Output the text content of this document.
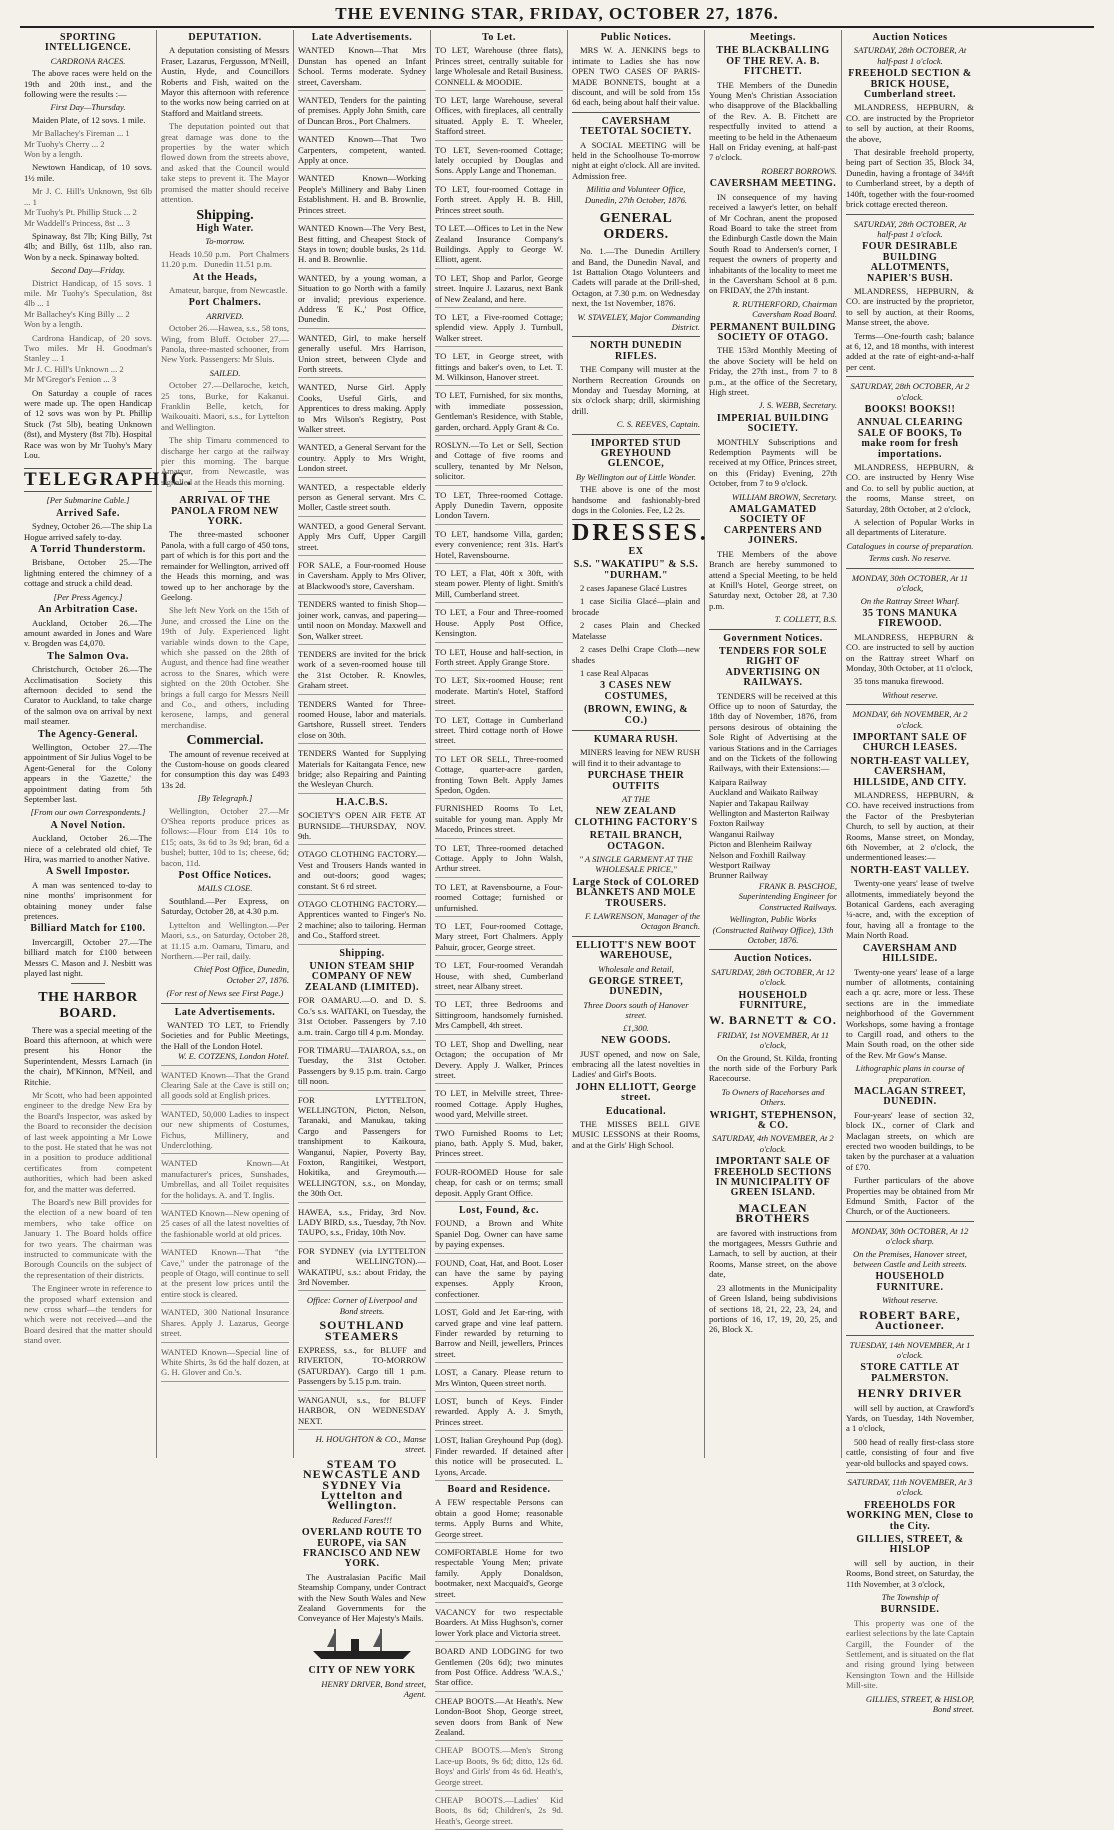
THE EVENING STAR, FRIDAY, OCTOBER 27, 1876.
SPORTING INTELLIGENCE.
CARDRONA RACES.

The above races were held on the 19th and 20th inst., and the following were the results :—

First Day—Thursday.

Maiden Plate, of 12 sovs. 1 mile.

Mr Ballachey's Fireman ... 1
Mr Tuohy's Cherry ... 2
Won by a length.

Newtown Handicap, of 10 sovs. 1½ mile.

Mr J. C. Hill's Unknown, 9st 6lb ... 1
Mr Tuohy's Pt. Phillip Stuck ... 2
Mr Waddell's Princess, 8st ... 3

Spinaway, 8st 7lb; King Billy, 7st 4lb; and Billy, 6st 11lb, also ran. Won by a neck. Spinaway bolted.

Second Day—Friday.

District Handicap, of 15 sovs. 1 mile. Mr Tuohy's Speculation, 8st 4lb ... 1
Mr Ballachey's King Billy ... 2
Won by a length.

Cardrona Handicap, of 20 sovs. Two miles. Mr H. Goodman's Stanley ... 1
Mr J. C. Hill's Unknown ... 2
Mr M'Gregor's Fenion ... 3

On Saturday a couple of races were made up. The open Handicap of 12 sovs was won by Pt. Phillip Stuck (7st 5lb), beating Unknown (8st), and Mystery (8st 7lb). Hospital Race was won by Mr Tuohy's Mary Lou.

TELEGRAPHIC.
[Per Submarine Cable.]
Arrived Safe.

Sydney, October 26.—The ship La Hogue arrived safely to-day.

A Torrid Thunderstorm.

Brisbane, October 25.—The lightning entered the chimney of a cottage and struck a child dead.

[Per Press Agency.]
An Arbitration Case.

Auckland, October 26.—The amount awarded in Jones and Ware v. Brogden was £4,070.

The Salmon Ova.

Christchurch, October 26.—The Acclimatisation Society this afternoon decided to send the Curator to Auckland, to take charge of the salmon ova on arrival by next mail steamer.

The Agency-General.

Wellington, October 27.—The appointment of Sir Julius Vogel to be Agent-General for the Colony appears in the 'Gazette,' the appointment dating from 5th September last.

[From our own Correspondents.]
A Novel Notion.

Auckland, October 26.—The niece of a celebrated old chief, Te Hira, was married to another Native.

A Swell Impostor.

A man was sentenced to-day to nine months' imprisonment for obtaining money under false pretences.

Billiard Match for £100.

Invercargill, October 27.—The billiard match for £100 between Messrs C. Mason and J. Nesbitt was played last night.

THE HARBOR BOARD.

There was a special meeting of the Board this afternoon, at which were present his Honor the Superintendent, Messrs Larnach (in the chair), M'Kinnon, M'Neil, and Ritchie.

Mr Scott, who had been appointed engineer to the dredge New Era by the Board's Inspector, was asked by the Board to reconsider the decision of last week appointing a Mr Lowe to the post. He stated that he was not in a position to produce additional certificates from competent authorities, which had been asked for, and the matter was deferred.

The Board's new Bill provides for the election of a new board of ten members, who take office on January 1. The Board holds office for two years. The chairman was instructed to communicate with the Borough Councils on the subject of the representation of their districts.

The Engineer wrote in reference to the proposed wharf extension and new cross wharf—the tenders for which were not received—and the Board desired that the matter should stand over.

DEPUTATION.

A deputation consisting of Messrs Fraser, Lazarus, Fergusson, M'Neill, Austin, Hyde, and Councillors Roberts and Fish, waited on the Mayor this afternoon with reference to the works now being carried on at Stafford and Maitland streets.

The deputation pointed out that great damage was done to the properties by the water which flowed down from the streets above, and asked that the Council would take steps to prevent it. The Mayor promised the matter should receive attention.

Shipping.
High Water.
To-morrow.

Heads 10.50 p.m.   Port Chalmers 11.20 p.m.   Dunedin 11.51 p.m.

At the Heads,

Amateur, barque, from Newcastle.

Port Chalmers.
ARRIVED.

October 26.—Hawea, s.s., 58 tons, Wing, from Bluff. October 27.—Panola, three-masted schooner, from New York. Passengers: Mr Sluis.

SAILED.

October 27.—Dellaroche, ketch, 25 tons, Burke, for Kakanui. Franklin Belle, ketch, for Waikouaiti. Maori, s.s., for Lyttelton and Wellington.

The ship Timaru commenced to discharge her cargo at the railway pier this morning. The barque Amateur, from Newcastle, was signalled at the Heads this morning.

ARRIVAL OF THE PANOLA FROM NEW YORK.

The three-masted schooner Panola, with a full cargo of 450 tons, part of which is for this port and the remainder for Wellington, arrived off the Heads this morning, and was towed up to her anchorage by the Geelong.

She left New York on the 15th of June, and crossed the Line on the 19th of July. Experienced light variable winds down to the Cape, which she passed on the 28th of August, and thence had fine weather across to the Snares, which were sighted on the 20th October. She brings a full cargo for Messrs Neill and Co., and others, including kerosene, lamps, and general merchandise.

Commercial.

The amount of revenue received at the Custom-house on goods cleared for consumption this day was £493 13s 2d.

[By Telegraph.]

Wellington, October 27.—Mr O'Shea reports produce prices as follows:—Flour from £14 10s to £15; oats, 3s 6d to 3s 9d; bran, 6d a bushel; butter, 10d to 1s; cheese, 6d; bacon, 11d.

Post Office Notices.
MAILS CLOSE.

Southland.—Per Express, on Saturday, October 28, at 4.30 p.m.

Lyttelton and Wellington.—Per Maori, s.s., on Saturday, October 28, at 11.15 a.m. Oamaru, Timaru, and Northern.—Per rail, daily.

Chief Post Office, Dunedin, October 27, 1876.

(For rest of News see First Page.)
Late Advertisements.
WANTED TO LET, to Friendly Societies and for Public Meetings, the Hall of the London Hotel.
W. E. COTZENS, London Hotel.
WANTED Known—That the Grand Clearing Sale at the Cave is still on; all goods sold at English prices.
WANTED, 50,000 Ladies to inspect our new shipments of Costumes, Fichus, Millinery, and Underclothing.
WANTED Known—At manufacturer's prices, Sunshades, Umbrellas, and all Toilet requisites for the holidays. A. and T. Inglis.
WANTED Known—New opening of 25 cases of all the latest novelties of the fashionable world at old prices.
WANTED Known—That "the Cave," under the patronage of the people of Otago, will continue to sell at the present low prices until the entire stock is cleared.
WANTED, 300 National Insurance Shares. Apply J. Lazarus, George street.
WANTED Known—Special line of White Shirts, 3s 6d the half dozen, at G. H. Glover and Co.'s.
Late Advertisements.
WANTED Known—That Mrs Dunstan has opened an Infant School. Terms moderate. Sydney street, Caversham.
WANTED, Tenders for the painting of premises. Apply John Smith, care of Duncan Bros., Port Chalmers.
WANTED Known—That Two Carpenters, competent, wanted. Apply at once.
WANTED Known—Working People's Millinery and Baby Linen Establishment. H. and B. Brownlie, Princes street.
WANTED Known—The Very Best, Best fitting, and Cheapest Stock of Stays in town; double busks, 2s 11d. H. and B. Brownlie.
WANTED, by a young woman, a Situation to go North with a family or invalid; previous experience. Address 'E K.,' Post Office, Dunedin.
WANTED, Girl, to make herself generally useful. Mrs Harrison, Union street, between Clyde and Forth streets.
WANTED, Nurse Girl. Apply Cooks, Useful Girls, and Apprentices to dress making. Apply to Mrs Wilson's Registry, Post Walker street.
WANTED, a General Servant for the country. Apply to Mrs Wright, London street.
WANTED, a respectable elderly person as General servant. Mrs C. Moller, Castle street south.
WANTED, a good General Servant. Apply Mrs Cuff, Upper Cargill street.
FOR SALE, a Four-roomed House in Caversham. Apply to Mrs Oliver, at Blackwood's store, Caversham.
TENDERS wanted to finish Shop—joiner work, canvas, and papering—until noon on Monday. Maxwell and Son, Walker street.
TENDERS are invited for the brick work of a seven-roomed house till the 31st October. R. Knowles, Graham street.
TENDERS Wanted for Three-roomed House, labor and materials. Gartshore, Russell street. Tenders close on 30th.
TENDERS Wanted for Supplying Materials for Kaitangata Fence, new bridge; also Repairing and Painting the Wesleyan Church.
H.A.C.B.S.
SOCIETY'S OPEN AIR FETE AT BURNSIDE—THURSDAY, NOV. 9th.
OTAGO CLOTHING FACTORY.—Vest and Trousers Hands wanted in and out-doors; good wages; constant. St 6 rd street.
OTAGO CLOTHING FACTORY.—Apprentices wanted to Finger's No. 2 machine; also to tailoring. Herman and Co., Stafford street.
Shipping.
UNION STEAM SHIP COMPANY OF NEW ZEALAND (LIMITED).
FOR OAMARU.—O. and D. S. Co.'s s.s. WAITAKI, on Tuesday, the 31st October. Passengers by 7.10 a.m. train. Cargo till 4 p.m. Monday.
FOR TIMARU—TAIAROA, s.s., on Tuesday, the 31st October. Passengers by 9.15 p.m. train. Cargo till noon.
FOR LYTTELTON, WELLINGTON, Picton, Nelson, Taranaki, and Manukau, taking Cargo and Passengers for transhipment to Kaikoura, Wanganui, Napier, Poverty Bay, Foxton, Rangitikei, Westport, Hokitika, and Greymouth.—WELLINGTON, s.s., on Monday, the 30th Oct.
HAWEA, s.s., Friday, 3rd Nov. LADY BIRD, s.s., Tuesday, 7th Nov. TAUPO, s.s., Friday, 10th Nov.
FOR SYDNEY (via LYTTELTON and WELLINGTON).—WAKATIPU, s.s.: about Friday, the 3rd November.
Office: Corner of Liverpool and Bond streets.
SOUTHLAND STEAMERS
EXPRESS, s.s., for BLUFF and RIVERTON, TO-MORROW (SATURDAY). Cargo till 1 p.m. Passengers by 5.15 p.m. train.
WANGANUI, s.s., for BLUFF HARBOR, ON WEDNESDAY NEXT.
H. HOUGHTON & CO., Manse street.
STEAM TO NEWCASTLE AND SYDNEY Via Lyttelton and Wellington.
Reduced Fares!!!
OVERLAND ROUTE TO EUROPE, via SAN FRANCISCO AND NEW YORK.

The Australasian Pacific Mail Steamship Company, under Contract with the New South Wales and New Zealand Governments for the Conveyance of Her Majesty's Mails.

CITY OF NEW YORK
HENRY DRIVER, Bond street, Agent.
To Let.
TO LET, Warehouse (three flats), Princes street, centrally suitable for large Wholesale and Retail Business. CONNELL & MOODIE.
TO LET, large Warehouse, several Offices, with fireplaces, all centrally situated. Apply E. T. Wheeler, Stafford street.
TO LET, Seven-roomed Cottage; lately occupied by Douglas and Sons. Apply Lange and Thoneman.
TO LET, four-roomed Cottage in Forth street. Apply H. B. Hill, Princes street south.
TO LET.—Offices to Let in the New Zealand Insurance Company's Buildings. Apply to George W. Elliott, agent.
TO LET, Shop and Parlor, George street. Inquire J. Lazarus, next Bank of New Zealand, and here.
TO LET, a Five-roomed Cottage; splendid view. Apply J. Turnbull, Walker street.
TO LET, in George street, with fittings and baker's oven, to Let. T. M. Wilkinson, Hanover street.
TO LET, Furnished, for six months, with immediate possession, Gentleman's Residence, with Stable, garden, orchard. Apply Grant & Co.
ROSLYN.—To Let or Sell, Section and Cottage of five rooms and scullery, tenanted by Mr Nelson, solicitor.
TO LET, Three-roomed Cottage. Apply Dunedin Tavern, opposite London Tavern.
TO LET, handsome Villa, garden; every convenience; rent 31s. Hart's Hotel, Ravensbourne.
TO LET, a Flat, 40ft x 30ft, with steam power. Plenty of light. Smith's Mill, Cumberland street.
TO LET, a Four and Three-roomed House. Apply Post Office, Kensington.
TO LET, House and half-section, in Forth street. Apply Grange Store.
TO LET, Six-roomed House; rent moderate. Martin's Hotel, Stafford street.
TO LET, Cottage in Cumberland street. Third cottage north of Howe street.
TO LET OR SELL, Three-roomed Cottage, quarter-acre garden, fronting Town Belt. Apply James Spedon, Ogden.
FURNISHED Rooms To Let, suitable for young man. Apply Mr Macedo, Princes street.
TO LET, Three-roomed detached Cottage. Apply to John Walsh, Arthur street.
TO LET, at Ravensbourne, a Four-roomed Cottage; furnished or unfurnished.
TO LET, Four-roomed Cottage, Mary street, Fort Chalmers. Apply Pahuir, grocer, George street.
TO LET, Four-roomed Verandah House, with shed, Cumberland street, near Albany street.
TO LET, three Bedrooms and Sittingroom, handsomely furnished. Mrs Campbell, 4th street.
TO LET, Shop and Dwelling, near Octagon; the occupation of Mr Devery. Apply J. Walker, Princes street.
TO LET, in Melville street, Three-roomed Cottage. Apply Hughes, wood yard, Melville street.
TWO Furnished Rooms to Let; piano, bath. Apply S. Mud, baker, Princes street.
FOUR-ROOMED House for sale cheap, for cash or on terms; small deposit. Apply Grant Office.
Lost, Found, &c.
FOUND, a Brown and White Spaniel Dog. Owner can have same by paying expenses.
FOUND, Coat, Hat, and Boot. Loser can have the same by paying expenses. Apply Kroon, confectioner.
LOST, Gold and Jet Ear-ring, with carved grape and vine leaf pattern. Finder rewarded by returning to Barrow and Neill, jewellers, Princes street.
LOST, a Canary. Please return to Mrs Winton, Queen street north.
LOST, bunch of Keys. Finder rewarded. Apply A. J. Smyth, Princes street.
LOST, Italian Greyhound Pup (dog). Finder rewarded. If detained after this notice will be prosecuted. L. Lyons, Arcade.
Board and Residence.
A FEW respectable Persons can obtain a good Home; reasonable terms. Apply Burns and White, George street.
COMFORTABLE Home for two respectable Young Men; private family. Apply Donaldson, bootmaker, next Macquaid's, George street.
VACANCY for two respectable Boarders. At Miss Hughson's, corner lower York place and Victoria street.
BOARD AND LODGING for two Gentlemen (20s 6d); two minutes from Post Office. Address 'W.A.S.,' Star office.
CHEAP BOOTS.—At Heath's. New London-Boot Shop, George street, seven doors from Bank of New Zealand.
CHEAP BOOTS.—Men's Strong Lace-up Boots, 9s 6d; ditto, 12s 6d. Boys' and Girls' from 4s 6d. Heath's, George street.
CHEAP BOOTS.—Ladies' Kid Boots, 8s 6d; Children's, 2s 9d. Heath's, George street.
Public Notices.

MRS W. A. JENKINS begs to intimate to Ladies she has now OPEN TWO CASES OF PARIS-MADE BONNETS, bought at a discount, and will be sold from 15s 6d each, being about half their value.

CAVERSHAM TEETOTAL SOCIETY.

A SOCIAL MEETING will be held in the Schoolhouse To-morrow night at eight o'clock. All are invited. Admission free.

Militia and Volunteer Office, Dunedin, 27th October, 1876.
GENERAL ORDERS.

No. 1.—The Dunedin Artillery and Band, the Dunedin Naval, and 1st Battalion Otago Volunteers and Cadets will parade at the Drill-shed, Octagon, at 7.30 p.m. on Wednesday next, the 1st November, 1876.

W. STAVELEY, Major Commanding District.
NORTH DUNEDIN RIFLES.

THE Company will muster at the Northern Recreation Grounds on Monday and Tuesday Morning, at six o'clock sharp; drill, skirmishing drill.

C. S. REEVES, Captain.
IMPORTED STUD GREYHOUND GLENCOE,
By Wellington out of Little Wonder.

THE above is one of the most handsome and fashionably-bred dogs in the Colonies. Fee, L2 2s.

DRESSES.
EX
S.S. "WAKATIPU" & S.S. "DURHAM."

2 cases Japanese Glacé Lustres

1 case Sicilia Glacé—plain and brocade

2 cases Plain and Checked Matelasse

2 cases Delhi Crape Cloth—new shades

1 case Real Alpacas

3 CASES NEW COSTUMES,
(BROWN, EWING, & CO.)
KUMARA RUSH.

MINERS leaving for NEW RUSH will find it to their advantage to

PURCHASE THEIR OUTFITS
AT THE
NEW ZEALAND CLOTHING FACTORY'S
RETAIL BRANCH, OCTAGON.
" A SINGLE GARMENT AT THE WHOLESALE PRICE,"
Large Stock of COLORED BLANKETS AND MOLE TROUSERS.
F. LAWRENSON, Manager of the Octagon Branch.
ELLIOTT'S NEW BOOT WAREHOUSE,
Wholesale and Retail,
GEORGE STREET, DUNEDIN,
Three Doors south of Hanover street.
£1,300.
NEW GOODS.

JUST opened, and now on Sale, embracing all the latest novelties in Ladies' and Girl's Boots.

JOHN ELLIOTT, George street.
Educational.

THE MISSES BELL GIVE MUSIC LESSONS at their Rooms, and at the Girls' High School.

Meetings.
THE BLACKBALLING OF THE REV. A. B. FITCHETT.

THE Members of the Dunedin Young Men's Christian Association who disapprove of the Blackballing of the Rev. A. B. Fitchett are respectfully invited to attend a meeting to be held in the Athenaeum Hall on Friday evening, at half-past 7 o'clock.

ROBERT BORROWS.
CAVERSHAM MEETING.

IN consequence of my having received a lawyer's letter, on behalf of Mr Cochran, anent the proposed Road Board to take the street from the Edinburgh Castle down the Main South Road to Andersen's corner, I request the owners of property and inhabitants of the locality to meet me in the Caversham School at 8 p.m. on FRIDAY, the 27th instant.

R. RUTHERFORD, Chairman Caversham Road Board.
PERMANENT BUILDING SOCIETY OF OTAGO.

THE 153rd Monthly Meeting of the above Society will be held on Friday, the 27th inst., from 7 to 8 p.m., at the office of the Secretary, High street.

J. S. WEBB, Secretary.
IMPERIAL BUILDING SOCIETY.

MONTHLY Subscriptions and Redemption Payments will be received at my Office, Princes street, on this (Friday) Evening, 27th October, from 7 to 9 o'clock.

WILLIAM BROWN, Secretary.
AMALGAMATED SOCIETY OF CARPENTERS AND JOINERS.

THE Members of the above Branch are hereby summoned to attend a Special Meeting, to be held at Knill's Hotel, George street, on Saturday next, October 28, at 7.30 p.m.

T. COLLETT, B.S.
Government Notices.
TENDERS FOR SOLE RIGHT OF ADVERTISING ON RAILWAYS.

TENDERS will be received at this Office up to noon of Saturday, the 18th day of November, 1876, from persons desirous of obtaining the Sole Right of Advertising at the various Stations and in the Carriages and on the Tickets of the following Railways, with their Extensions:—

Kaipara Railway
Auckland and Waikato Railway
Napier and Takapau Railway
Wellington and Masterton Railway
Foxton Railway
Wanganui Railway
Picton and Blenheim Railway
Nelson and Foxhill Railway
Westport Railway
Brunner Railway
FRANK B. PASCHOE, Superintending Engineer for Constructed Railways.
Wellington, Public Works (Constructed Railway Office), 13th October, 1876.
Auction Notices.
SATURDAY, 28th OCTOBER, At 12 o'clock.
HOUSEHOLD FURNITURE,
W. BARNETT & CO.
FRIDAY, 1st NOVEMBER, At 11 o'clock,

On the Ground, St. Kilda, fronting the north side of the Forbury Park Racecourse.

To Owners of Racehorses and Others.
WRIGHT, STEPHENSON, & CO.
SATURDAY, 4th NOVEMBER, At 2 o'clock.
IMPORTANT SALE OF FREEHOLD SECTIONS IN MUNICIPALITY OF GREEN ISLAND.
MACLEAN BROTHERS

are favored with instructions from the mortgagees, Messrs Guthrie and Larnach, to sell by auction, at their Rooms, Manse street, on the above date,

23 allotments in the Municipality of Green Island, being subdivisions of sections 18, 21, 22, 23, 24, and portions of 16, 17, 19, 20, 25, and 26, Block X.

Auction Notices
SATURDAY, 28th OCTOBER, At half-past 1 o'clock.
FREEHOLD SECTION & BRICK HOUSE, Cumberland street.

MLANDRESS, HEPBURN, & CO. are instructed by the Proprietor to sell by auction, at their Rooms, the above,

That desirable freehold property, being part of Section 35, Block 34, Dunedin, having a frontage of 34½ft to Cumberland street, by a depth of 140ft, together with the four-roomed brick cottage erected thereon.

SATURDAY, 28th OCTOBER, At half-past 1 o'clock.
FOUR DESIRABLE BUILDING ALLOTMENTS, NAPIER'S BUSH.

MLANDRESS, HEPBURN, & CO. are instructed by the proprietor, to sell by auction, at their Rooms, Manse street, the above.

Terms—One-fourth cash; balance at 6, 12, and 18 months, with interest added at the rate of eight-and-a-half per cent.

SATURDAY, 28th OCTOBER, At 2 o'clock.
BOOKS! BOOKS!!
ANNUAL CLEARING SALE OF BOOKS, To make room for fresh importations.

MLANDRESS, HEPBURN, & CO. are instructed by Henry Wise and Co. to sell by public auction, at the rooms, Manse street, on Saturday, 28th October, at 2 o'clock,

A selection of Popular Works in all departments of Literature.

Catalogues in course of preparation.
Terms cash. No reserve.
MONDAY, 30th OCTOBER, At 11 o'clock,
On the Rattray Street Wharf.
35 TONS MANUKA FIREWOOD.

MLANDRESS, HEPBURN & CO. are instructed to sell by auction on the Rattray street Wharf on Monday, 30th October, at 11 o'clock,

35 tons manuka firewood.

Without reserve.
MONDAY, 6th NOVEMBER, At 2 o'clock.
IMPORTANT SALE OF CHURCH LEASES.
NORTH-EAST VALLEY, CAVERSHAM, HILLSIDE, AND CITY.

MLANDRESS, HEPBURN, & CO. have received instructions from the Factor of the Presbyterian Church, to sell by auction, at their Rooms, Manse street, on Monday, 6th November, at 2 o'clock, the undermentioned leases:—

NORTH-EAST VALLEY.

Twenty-one years' lease of twelve allotments, immediately beyond the Botanical Gardens, each averaging ¼-acre, and, with the exception of four, having all a frontage to the Main North Road.

CAVERSHAM AND HILLSIDE.

Twenty-one years' lease of a large number of allotments, containing each a qr. acre, more or less. These sections are in the immediate neighborhood of the Government Workshops, some having a frontage to Cargill road, and others to the Main South road, on the other side of the Rev. Mr Gow's Manse.

Lithographic plans in course of preparation.
MACLAGAN STREET, DUNEDIN.

Four-years' lease of section 32, block IX., corner of Clark and Maclagan streets, on which are erected two wooden buildings, to be taken by the purchaser at a valuation of £70.

Further particulars of the above Properties may be obtained from Mr Edmund Smith, Factor of the Church, or of the Auctioneers.

MONDAY, 30th OCTOBER, At 12 o'clock sharp.
On the Premises, Hanover street, between Castle and Leith streets.
HOUSEHOLD FURNITURE.
Without reserve.
ROBERT BARE, Auctioneer.
TUESDAY, 14th NOVEMBER, At 1 o'clock.
STORE CATTLE AT PALMERSTON.
HENRY DRIVER

will sell by auction, at Crawford's Yards, on Tuesday, 14th November, a 1 o'clock,

500 head of really first-class store cattle, consisting of four and five year-old bullocks and spayed cows.

SATURDAY, 11th NOVEMBER, At 3 o'clock.
FREEHOLDS FOR WORKING MEN, Close to the City.
GILLIES, STREET, & HISLOP

will sell by auction, in their Rooms, Bond street, on Saturday, the 11th November, at 3 o'clock,

The Township of
BURNSIDE.

This property was one of the earliest selections by the late Captain Cargill, the Founder of the Settlement, and is situated on the flat and rising ground lying between Kensington Town and the Hillside Mill-site.

GILLIES, STREET, & HISLOP, Bond street.
